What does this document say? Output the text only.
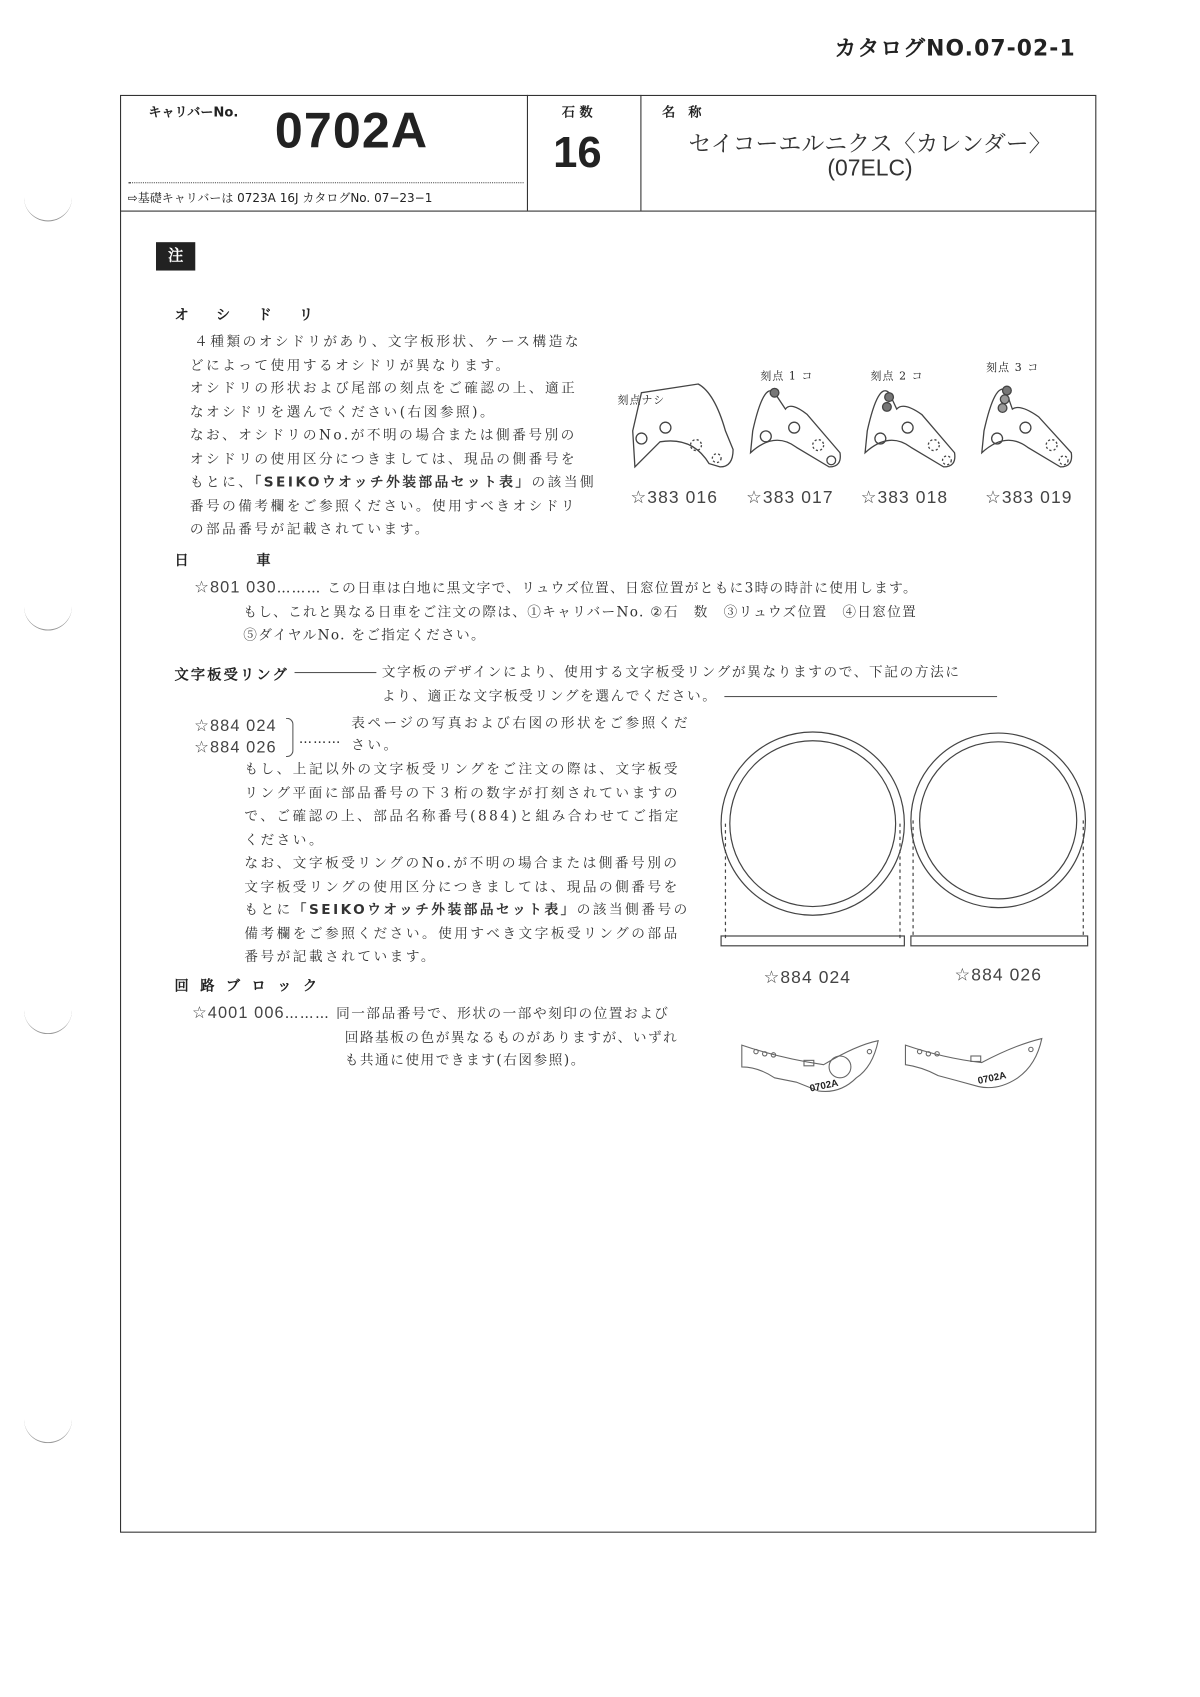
カタログNO.07-02-1
キャリバーNo. 0702A
⇨基礎キャリバーは 0723A 16J カタログNo. 07−23−1
石 数
16
名　称
セイコーエルニクス〈カレンダー〉
(07ELC)
注
オ　シ　ド　リ
４種類のオシドリがあり、文字板形状、ケース構造な
どによって使用するオシドリが異なります。
オシドリの形状および尾部の刻点をご確認の上、適正
なオシドリを選んでください(右図参照)。
なお、オシドリのNo.が不明の場合または側番号別の
オシドリの使用区分につきましては、現品の側番号を
もとに、「SEIKOウオッチ外装部品セット表」の該当側
番号の備考欄をご参照ください。使用すべきオシドリ
の部品番号が記載されています。
刻点ナシ
刻点 1 コ	刻点 2 コ
刻点 3 コ
☆383 016 ☆383 017 ☆383 018 ☆383 019
日　　　　車
☆801 030……… この日車は白地に黒文字で、リュウズ位置、日窓位置がともに3時の時計に使用します。
もし、これと異なる日車をご注文の際は、①キャリバーNo. ②石　数　③リュウズ位置　④日窓位置
⑤ダイヤルNo. をご指定ください。
文字板受リング	文字板のデザインにより、使用する文字板受リングが異なりますので、下記の方法に
より、適正な文字板受リングを選んでください。
☆884 024
☆884 026 ………
表ページの写真および右図の形状をご参照くだ
さい。
もし、上記以外の文字板受リングをご注文の際は、文字板受
リング平面に部品番号の下３桁の数字が打刻されていますの
で、ご確認の上、部品名称番号(884)と組み合わせてご指定
ください。
なお、文字板受リングのNo.が不明の場合または側番号別の
文字板受リングの使用区分につきましては、現品の側番号を
もとに「SEIKOウオッチ外装部品セット表」の該当側番号の
備考欄をご参照ください。使用すべき文字板受リングの部品
番号が記載されています。
☆884 024	☆884 026
回 路 ブ ロ ッ ク
☆4001 006……… 同一部品番号で、形状の一部や刻印の位置および
回路基板の色が異なるものがありますが、いずれ
も共通に使用できます(右図参照)。
0702A	0702A
